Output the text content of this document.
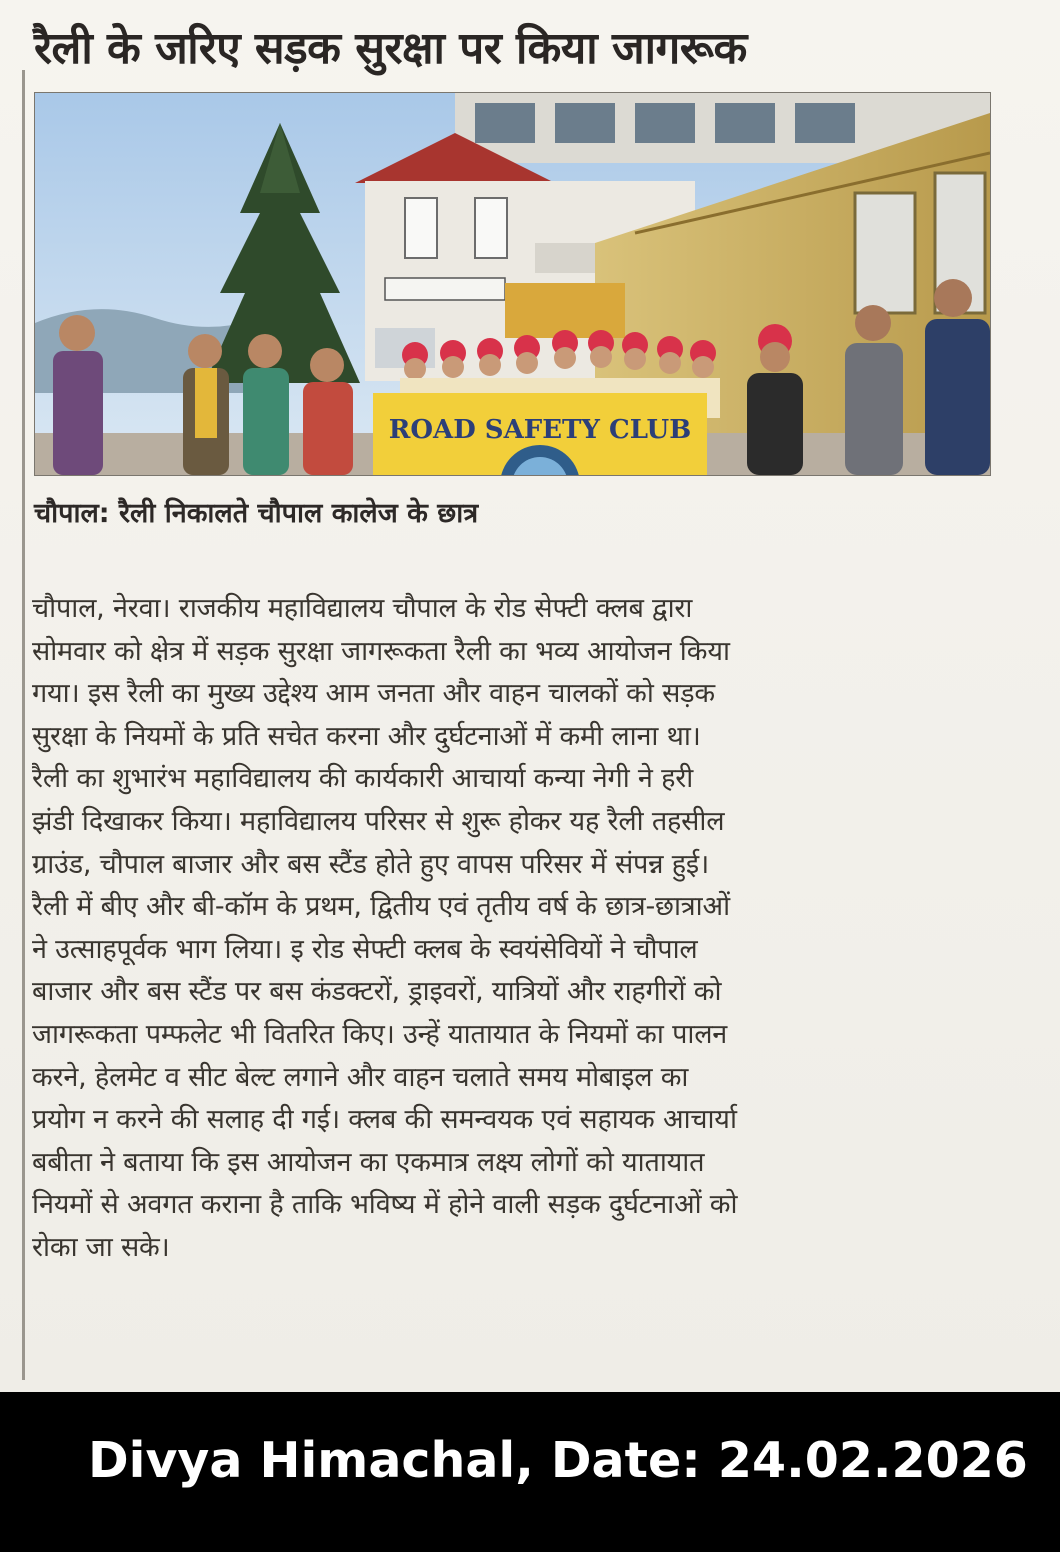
रैली के जरिए सड़क सुरक्षा पर किया जागरूक
ROAD SAFETY CLUB

चौपाल: रैली निकालते चौपाल कालेज के छात्र

चौपाल, नेरवा। राजकीय महाविद्यालय चौपाल के रोड सेफ्टी क्लब द्वारा
सोमवार को क्षेत्र में सड़क सुरक्षा जागरूकता रैली का भव्य आयोजन किया
गया। इस रैली का मुख्य उद्देश्य आम जनता और वाहन चालकों को सड़क
सुरक्षा के नियमों के प्रति सचेत करना और दुर्घटनाओं में कमी लाना था।
रैली का शुभारंभ महाविद्यालय की कार्यकारी आचार्या कन्या नेगी ने हरी
झंडी दिखाकर किया। महाविद्यालय परिसर से शुरू होकर यह रैली तहसील
ग्राउंड, चौपाल बाजार और बस स्टैंड होते हुए वापस परिसर में संपन्न हुई।
रैली में बीए और बी-कॉम के प्रथम, द्वितीय एवं तृतीय वर्ष के छात्र-छात्राओं
ने उत्साहपूर्वक भाग लिया। इ रोड सेफ्टी क्लब के स्वयंसेवियों ने चौपाल
बाजार और बस स्टैंड पर बस कंडक्टरों, ड्राइवरों, यात्रियों और राहगीरों को
जागरूकता पम्फलेट भी वितरित किए। उन्हें यातायात के नियमों का पालन
करने, हेलमेट व सीट बेल्ट लगाने और वाहन चलाते समय मोबाइल का
प्रयोग न करने की सलाह दी गई। क्लब की समन्वयक एवं सहायक आचार्या
बबीता ने बताया कि इस आयोजन का एकमात्र लक्ष्य लोगों को यातायात
नियमों से अवगत कराना है ताकि भविष्य में होने वाली सड़क दुर्घटनाओं को
रोका जा सके।

Divya Himachal, Date: 24.02.2026
